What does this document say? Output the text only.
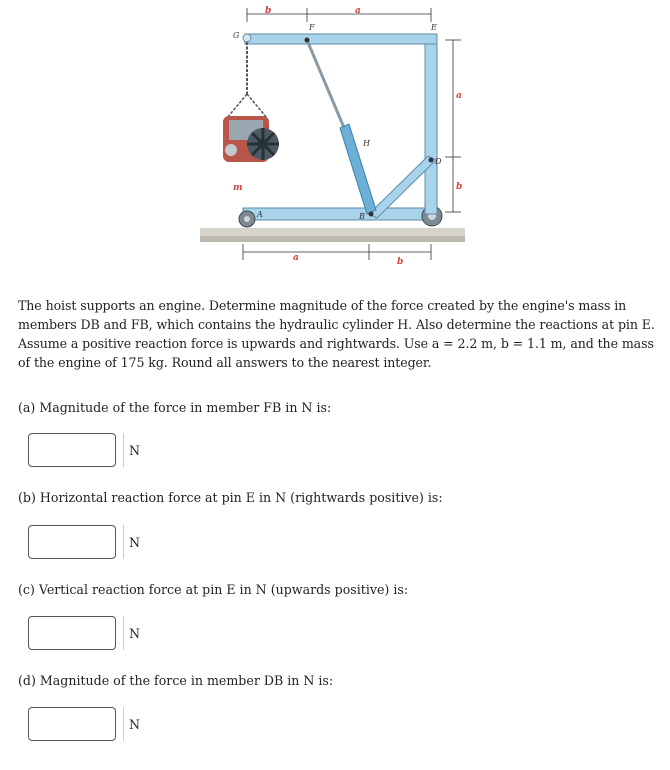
b	a
a
b
a	b
G
F	E
H
D
B
A
m
The hoist supports an engine. Determine magnitude of the force created by the engine's mass in members DB and FB, which contains the hydraulic cylinder H. Also determine the reactions at pin E. Assume a positive reaction force is upwards and rightwards. Use a = 2.2 m, b = 1.1 m, and the mass of the engine of 175 kg. Round all answers to the nearest integer.
(a) Magnitude of the force in member FB in N is:
N
(b) Horizontal reaction force at pin E in N (rightwards positive) is:
N
(c) Vertical reaction force at pin E in N (upwards positive) is:
N
(d) Magnitude of the force in member DB in N is:
N
